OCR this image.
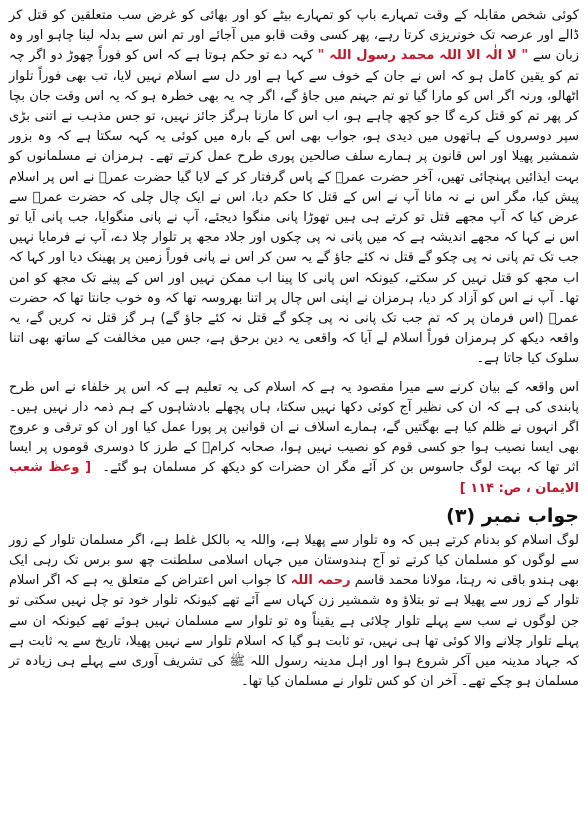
کوئی شخص مقابلہ کے وقت تمہارے باپ کو تمہارے بیٹے کو اور بھائی کو غرض سب متعلقین کو قتل کر ڈالے اور عرصہ تک خونریزی کرتا رہے، پھر کسی وقت قابو میں آجائے اور تم اس سے بدلہ لینا چاہو اور وہ زبان سے " لا الٰہ الا اللہ محمد رسول اللہ " کہہ دے تو حکم ہوتا ہے کہ اس کو فوراً چھوڑ دو اگر چہ تم کو یقین کامل ہو کہ اس نے جان کے خوف سے کہا ہے اور دل سے اسلام نہیں لایا، تب بھی فوراً تلوار اٹھالو، ورنہ اگر اس کو مارا گیا تو تم جہنم میں جاؤ گے، اگر چہ یہ بھی خطرہ ہو کہ یہ اس وقت جان بچا کر پھر تم کو قتل کرے گا جو کچھ چاہے ہو، اب اس کا مارنا ہرگز جائز نہیں، تو جس مذہب نے اتنی بڑی سپر دوسروں کے ہاتھوں میں دیدی ہو، جواب بھی اس کے بارہ میں کوئی یہ کہہ سکتا ہے کہ وہ بزور شمشیر پھیلا اور اس قانون پر ہمارے سلف صالحین پوری طرح عمل کرتے تھے۔ ہرمزان نے مسلمانوں کو بہت ایذائیں پہنچائی تھیں، آخر حضرت عمرؓ کے پاس گرفتار کر کے لایا گیا حضرت عمرؓ نے اس پر اسلام پیش کیا، مگر اس نے نہ مانا آپ نے اس کے قتل کا حکم دیا، اس نے ایک چال چلی کہ حضرت عمرؓ سے عرض کیا کہ آپ مجھے قتل تو کرتے ہی ہیں تھوڑا پانی منگوا دیجئے، آپ نے پانی منگوایا، جب پانی آیا تو اس نے کہا کہ مجھے اندیشہ ہے کہ میں پانی نہ پی چکوں اور جلاد مجھ پر تلوار چلا دے، آپ نے فرمایا نہیں جب تک تم پانی نہ پی چکو گے قتل نہ کئے جاؤ گے یہ سن کر اس نے پانی فوراً زمین پر پھینک دیا اور کہا کہ اب مجھ کو قتل نہیں کر سکتے، کیونکہ اس پانی کا پینا اب ممکن نہیں اور اس کے پینے تک مجھ کو امن تھا۔ آپ نے اس کو آزاد کر دیا، ہرمزان نے اپنی اس چال پر اتنا بھروسہ تھا کہ وہ خوب جانتا تھا کہ حضرت عمرؓ (اس فرمان پر کہ تم جب تک پانی نہ پی چکو گے قتل نہ کئے جاؤ گے) ہر گز قتل نہ کریں گے، یہ واقعہ دیکھ کر ہرمزان فوراً اسلام لے آیا کہ واقعی یہ دین برحق ہے، جس میں مخالفت کے ساتھ بھی اتنا سلوک کیا جاتا ہے۔

اس واقعہ کے بیان کرنے سے میرا مقصود یہ ہے کہ اسلام کی یہ تعلیم ہے کہ اس پر خلفاء نے اس طرح پابندی کی ہے کہ ان کی نظیر آج کوئی دکھا نہیں سکتا، ہاں پچھلے بادشاہوں کے ہم ذمہ دار نہیں ہیں۔ اگر انہوں نے ظلم کیا ہے بھگتیں گے، ہمارے اسلاف نے ان قوانین پر پورا عمل کیا اور ان کو ترقی و عروج بھی ایسا نصیب ہوا جو کسی قوم کو نصیب نہیں ہوا، صحابہ کرامؓ کے طرز کا دوسری قوموں پر ایسا اثر تھا کہ بہت لوگ جاسوس بن کر آئے مگر ان حضرات کو دیکھ کر مسلمان ہو گئے۔ [ وعظ شعب الایمان ، ص: ۱۱۴ ]

جواب نمبر (۳)

لوگ اسلام کو بدنام کرتے ہیں کہ وہ تلوار سے پھیلا ہے، واللہ یہ بالکل غلط ہے، اگر مسلمان تلوار کے زور سے لوگوں کو مسلمان کیا کرتے تو آج ہندوستان میں جہاں اسلامی سلطنت چھ سو برس تک رہی ایک بھی ہندو باقی نہ رہتا، مولانا محمد قاسم رحمہ اللہ کا جواب اس اعتراض کے متعلق یہ ہے کہ اگر اسلام تلوار کے زور سے پھیلا ہے تو بتلاؤ وہ شمشیر زن کہاں سے آئے تھے کیونکہ تلوار خود تو چل نہیں سکتی تو جن لوگوں نے سب سے پہلے تلوار چلائی ہے یقیناً وہ تو تلوار سے مسلمان نہیں ہوئے تھے کیونکہ ان سے پہلے تلوار چلانے والا کوئی تھا ہی نہیں، تو ثابت ہو گیا کہ اسلام تلوار سے نہیں پھیلا، تاریخ سے یہ ثابت ہے کہ جہاد مدینہ میں آکر شروع ہوا اور اہل مدینہ رسول اللہ ﷺ کی تشریف آوری سے پہلے ہی زیادہ تر مسلمان ہو چکے تھے۔ آخر ان کو کس تلوار نے مسلمان کیا تھا۔
